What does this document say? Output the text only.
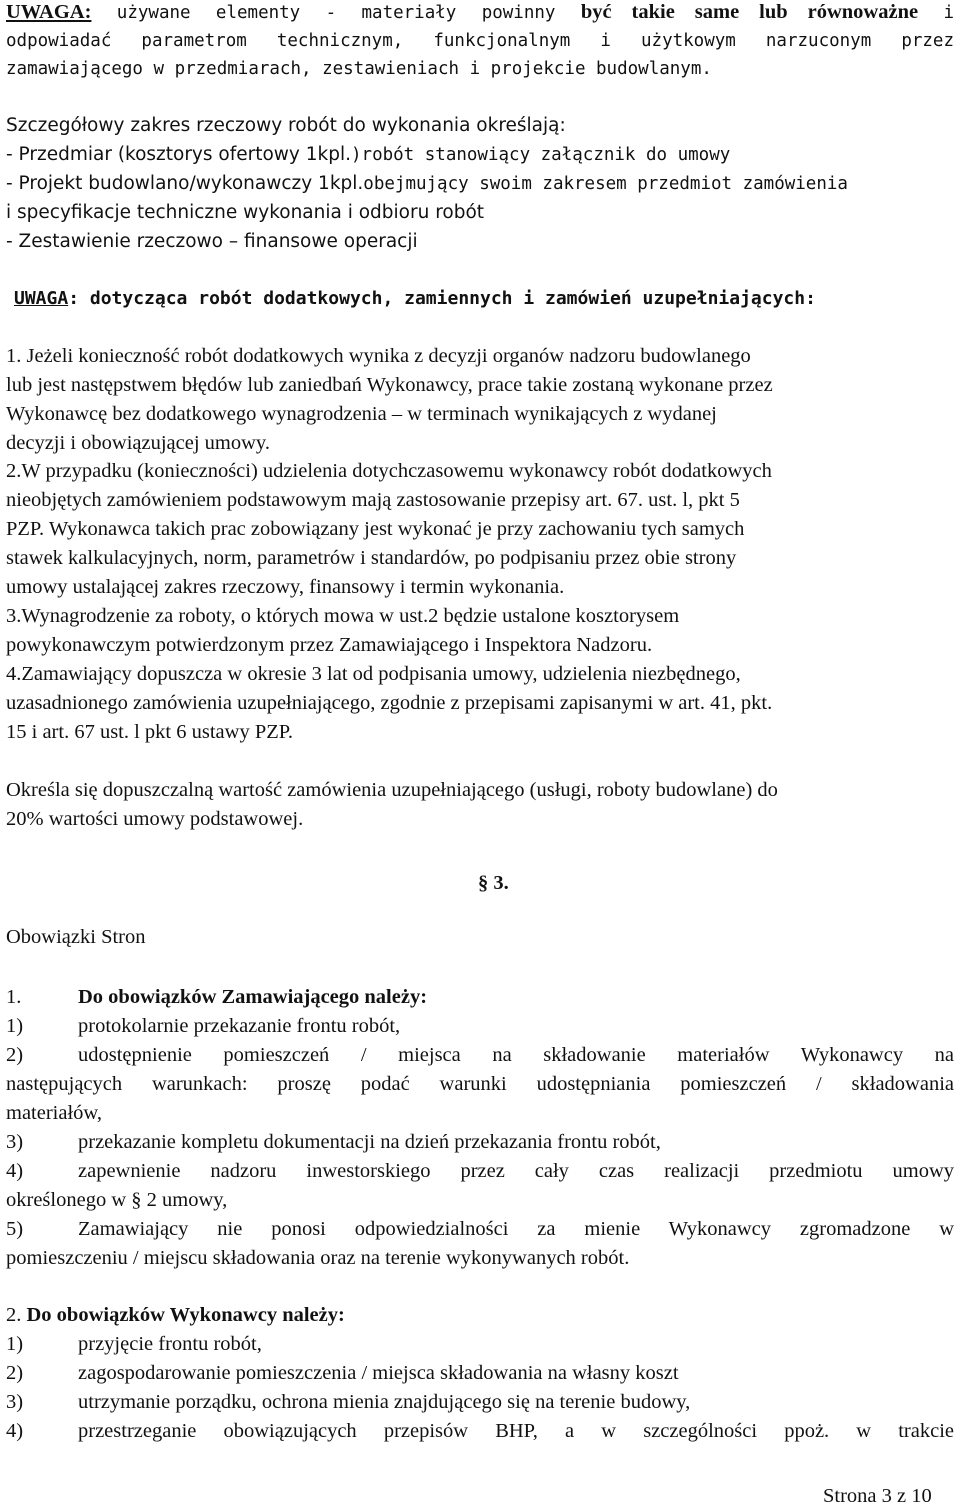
UWAGA: używane elementy - materiały powinny być takie same lub równoważne i
odpowiadać parametrom technicznym, funkcjonalnym i użytkowym narzuconym przez
zamawiającego w przedmiarach, zestawieniach i projekcie budowlanym.
Szczegółowy zakres rzeczowy robót do wykonania określają:
- Przedmiar (kosztorys ofertowy 1kpl.)robót stanowiący załącznik do umowy
- Projekt budowlano/wykonawczy 1kpl.obejmujący swoim zakresem przedmiot zamówienia
i specyfikacje techniczne wykonania i odbioru robót
- Zestawienie rzeczowo – finansowe operacji
UWAGA: dotycząca robót dodatkowych, zamiennych i zamówień uzupełniających:
1. Jeżeli konieczność robót dodatkowych wynika z decyzji organów nadzoru budowlanego
lub jest następstwem błędów lub zaniedbań Wykonawcy, prace takie zostaną wykonane przez
Wykonawcę bez dodatkowego wynagrodzenia – w terminach wynikających z wydanej
decyzji i obowiązującej umowy.
2.W przypadku (konieczności) udzielenia dotychczasowemu wykonawcy robót dodatkowych
nieobjętych zamówieniem podstawowym mają zastosowanie przepisy art. 67. ust. l, pkt 5
PZP. Wykonawca takich prac zobowiązany jest wykonać je przy zachowaniu tych samych
stawek kalkulacyjnych, norm, parametrów i standardów, po podpisaniu przez obie strony
umowy ustalającej zakres rzeczowy, finansowy i termin wykonania.
3.Wynagrodzenie za roboty, o których mowa w ust.2 będzie ustalone kosztorysem
powykonawczym potwierdzonym przez Zamawiającego i Inspektora Nadzoru.
4.Zamawiający dopuszcza w okresie 3 lat od podpisania umowy, udzielenia niezbędnego,
uzasadnionego zamówienia uzupełniającego, zgodnie z przepisami zapisanymi w art. 41, pkt.
15 i art. 67 ust. l pkt 6 ustawy PZP.
Określa się dopuszczalną wartość zamówienia uzupełniającego (usługi, roboty budowlane) do
20% wartości umowy podstawowej.
§ 3.
Obowiązki Stron
1.	Do obowiązków Zamawiającego należy:
1)	protokolarnie przekazanie frontu robót,
2)	udostępnienie pomieszczeń / miejsca na składowanie materiałów Wykonawcy na
następujących warunkach: proszę podać warunki udostępniania pomieszczeń / składowania
materiałów,
3)	przekazanie kompletu dokumentacji na dzień przekazania frontu robót,
4)	zapewnienie nadzoru inwestorskiego przez cały czas realizacji przedmiotu umowy
określonego w § 2 umowy,
5)	Zamawiający nie ponosi odpowiedzialności za mienie Wykonawcy zgromadzone w
pomieszczeniu / miejscu składowania oraz na terenie wykonywanych robót.
2. Do obowiązków Wykonawcy należy:
1)	przyjęcie frontu robót,
2)	zagospodarowanie pomieszczenia / miejsca składowania na własny koszt
3)	utrzymanie porządku, ochrona mienia znajdującego się na terenie budowy,
4)	przestrzeganie obowiązujących przepisów BHP, a w szczególności ppoż. w trakcie
Strona 3 z 10
